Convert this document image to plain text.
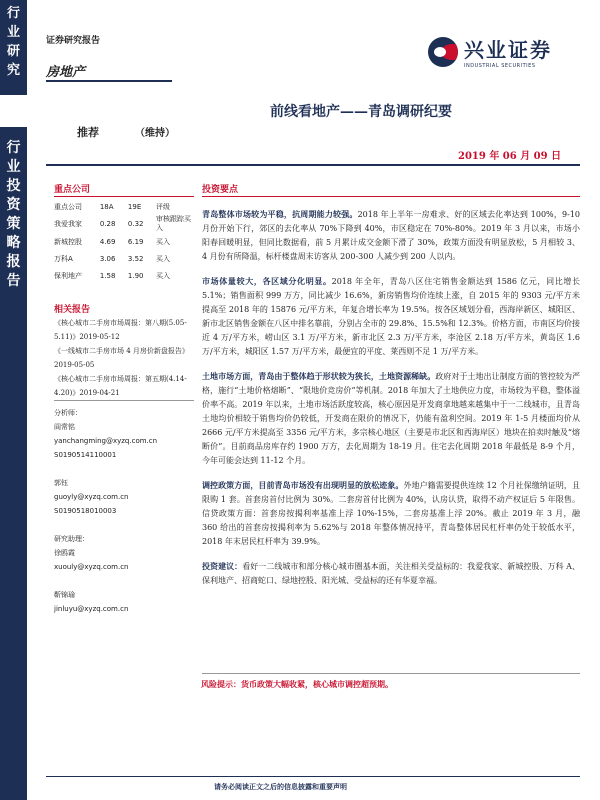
行
业
研
究
行
业
投
资
策
略
报
告
证券研究报告
房地产
兴业证券
INDUSTRIAL SECURITIES
前线看地产——青岛调研纪要
推荐	（维持）
2019 年 06 月 09 日
重点公司
重点公司	18A	19E	评级
我爱我家	0.28	0.32	审核跟踪买入
新城控股	4.69	6.19	买入
万科A	3.06	3.52	买入
保利地产	1.58	1.90	买入
相关报告
《核心城市二手房市场周报：第八期(5.05-5.11)》2019-05-12
《一线城市二手房市场 4 月房价新盘报告》2019-05-05
《核心城市二手房市场周报：第五期(4.14-4.20)》2019-04-21
分析师：
阎常铭
yanchangming@xyzq.com.cn
S0190514110001
郭钰
guoyly@xyzq.com.cn
S0190518010003
研究助理：
徐鸥霞
xuouly@xyzq.com.cn
靳锦瑜
jinluyu@xyzq.com.cn
投资要点

青岛整体市场较为平稳，抗周期能力较强。2018 年上半年一房难求、好的区域去化率达到 100%，9-10 月份开始下行，郊区的去化率从 70%下降到 40%，市区稳定在 70%-80%。2019 年 3 月以来，市场小阳春回暖明显，但同比数据看，前 5 月累计成交金额下滑了 30%，政策方面没有明显放松，5 月相较 3、4 月份有所降温，标杆楼盘周末访客从 200-300 人减少到 200 人以内。

市场体量较大，各区域分化明显。2018 年全年，青岛八区住宅销售金额达到 1586 亿元，同比增长 5.1%；销售面积 999 万方，同比减少 16.6%，新房销售均价连续上涨，自 2015 年的 9303 元/平方米提高至 2018 年的 15876 元/平方米，年复合增长率为 19.5%。按各区域划分看，西海岸新区、城阳区、新市北区销售金额在八区中排名靠前，分别占全市的 29.8%、15.5%和 12.3%。价格方面，市南区均价接近 4 万/平方米，崂山区 3.1 万/平方米，新市北区 2.3 万/平方米，李沧区 2.18 万/平方米，黄岛区 1.6 万/平方米，城阳区 1.57 万/平方米，最便宜的平度、莱西则不足 1 万/平方米。

土地市场方面，青岛由于整体趋于形状较为狭长，土地资源稀缺。政府对于土地出让制度方面的管控较为严格，施行“土地价格熔断”、“限地价竞房价”等机制。2018 年加大了土地供应力度，市场较为平稳，整体溢价率不高。2019 年以来，土地市场活跃度较高，核心原因是开发商拿地越来越集中于一二线城市，且青岛土地均价相较于销售均价仍较低，开发商在限价的情况下，仍能有盈利空间。2019 年 1-5 月楼面均价从 2666 元/平方米提高至 3356 元/平方米，多宗核心地区（主要是市北区和西海岸区）地块在拍卖时触及“熔断价”。目前商品房库存约 1900 万方，去化周期为 18-19 月。住宅去化周期 2018 年最低是 8-9 个月，今年可能会达到 11-12 个月。

调控政策方面，目前青岛市场没有出现明显的放松迹象。外地户籍需要提供连续 12 个月社保缴纳证明，且限购 1 套。首套房首付比例为 30%。二套房首付比例为 40%，认房认贷，取得不动产权证后 5 年限售。信贷政策方面：首套房按揭利率基准上浮 10%-15%，二套房基准上浮 20%。截止 2019 年 3 月，融 360 给出的首套房按揭利率为 5.62%与 2018 年整体情况持平，青岛整体居民杠杆率仍处于较低水平，2018 年末居民杠杆率为 39.9%。

投资建议：看好一二线城市和部分核心城市圈基本面，关注相关受益标的：我爱我家、新城控股、万科 A、保利地产、招商蛇口、绿地控股、阳光城、受益标的还有华夏幸福。

风险提示：货币政策大幅收紧，核心城市调控超预期。
请务必阅读正文之后的信息披露和重要声明
